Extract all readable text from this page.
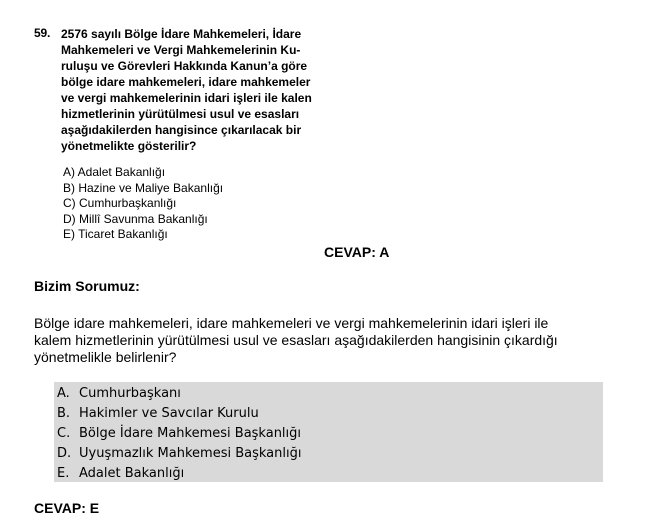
59. 2576 sayılı Bölge İdare Mahkemeleri, İdare
Mahkemeleri ve Vergi Mahkemelerinin Ku-
ruluşu ve Görevleri Hakkında Kanun’a göre
bölge idare mahkemeleri, idare mahkemeler
ve vergi mahkemelerinin idari işleri ile kalen
hizmetlerinin yürütülmesi usul ve esasları
aşağıdakilerden hangisince çıkarılacak bir
yönetmelikte gösterilir?
A) Adalet Bakanlığı
B) Hazine ve Maliye Bakanlığı
C) Cumhurbaşkanlığı
D) Millî Savunma Bakanlığı
E) Ticaret Bakanlığı
CEVAP: A
Bizim Sorumuz:
Bölge idare mahkemeleri, idare mahkemeleri ve vergi mahkemelerinin idari işleri ile
kalem hizmetlerinin yürütülmesi usul ve esasları aşağıdakilerden hangisinin çıkardığı
yönetmelikle belirlenir?
A. Cumhurbaşkanı
B. Hakimler ve Savcılar Kurulu
C. Bölge İdare Mahkemesi Başkanlığı
D. Uyuşmazlık Mahkemesi Başkanlığı
E. Adalet Bakanlığı
CEVAP: E
